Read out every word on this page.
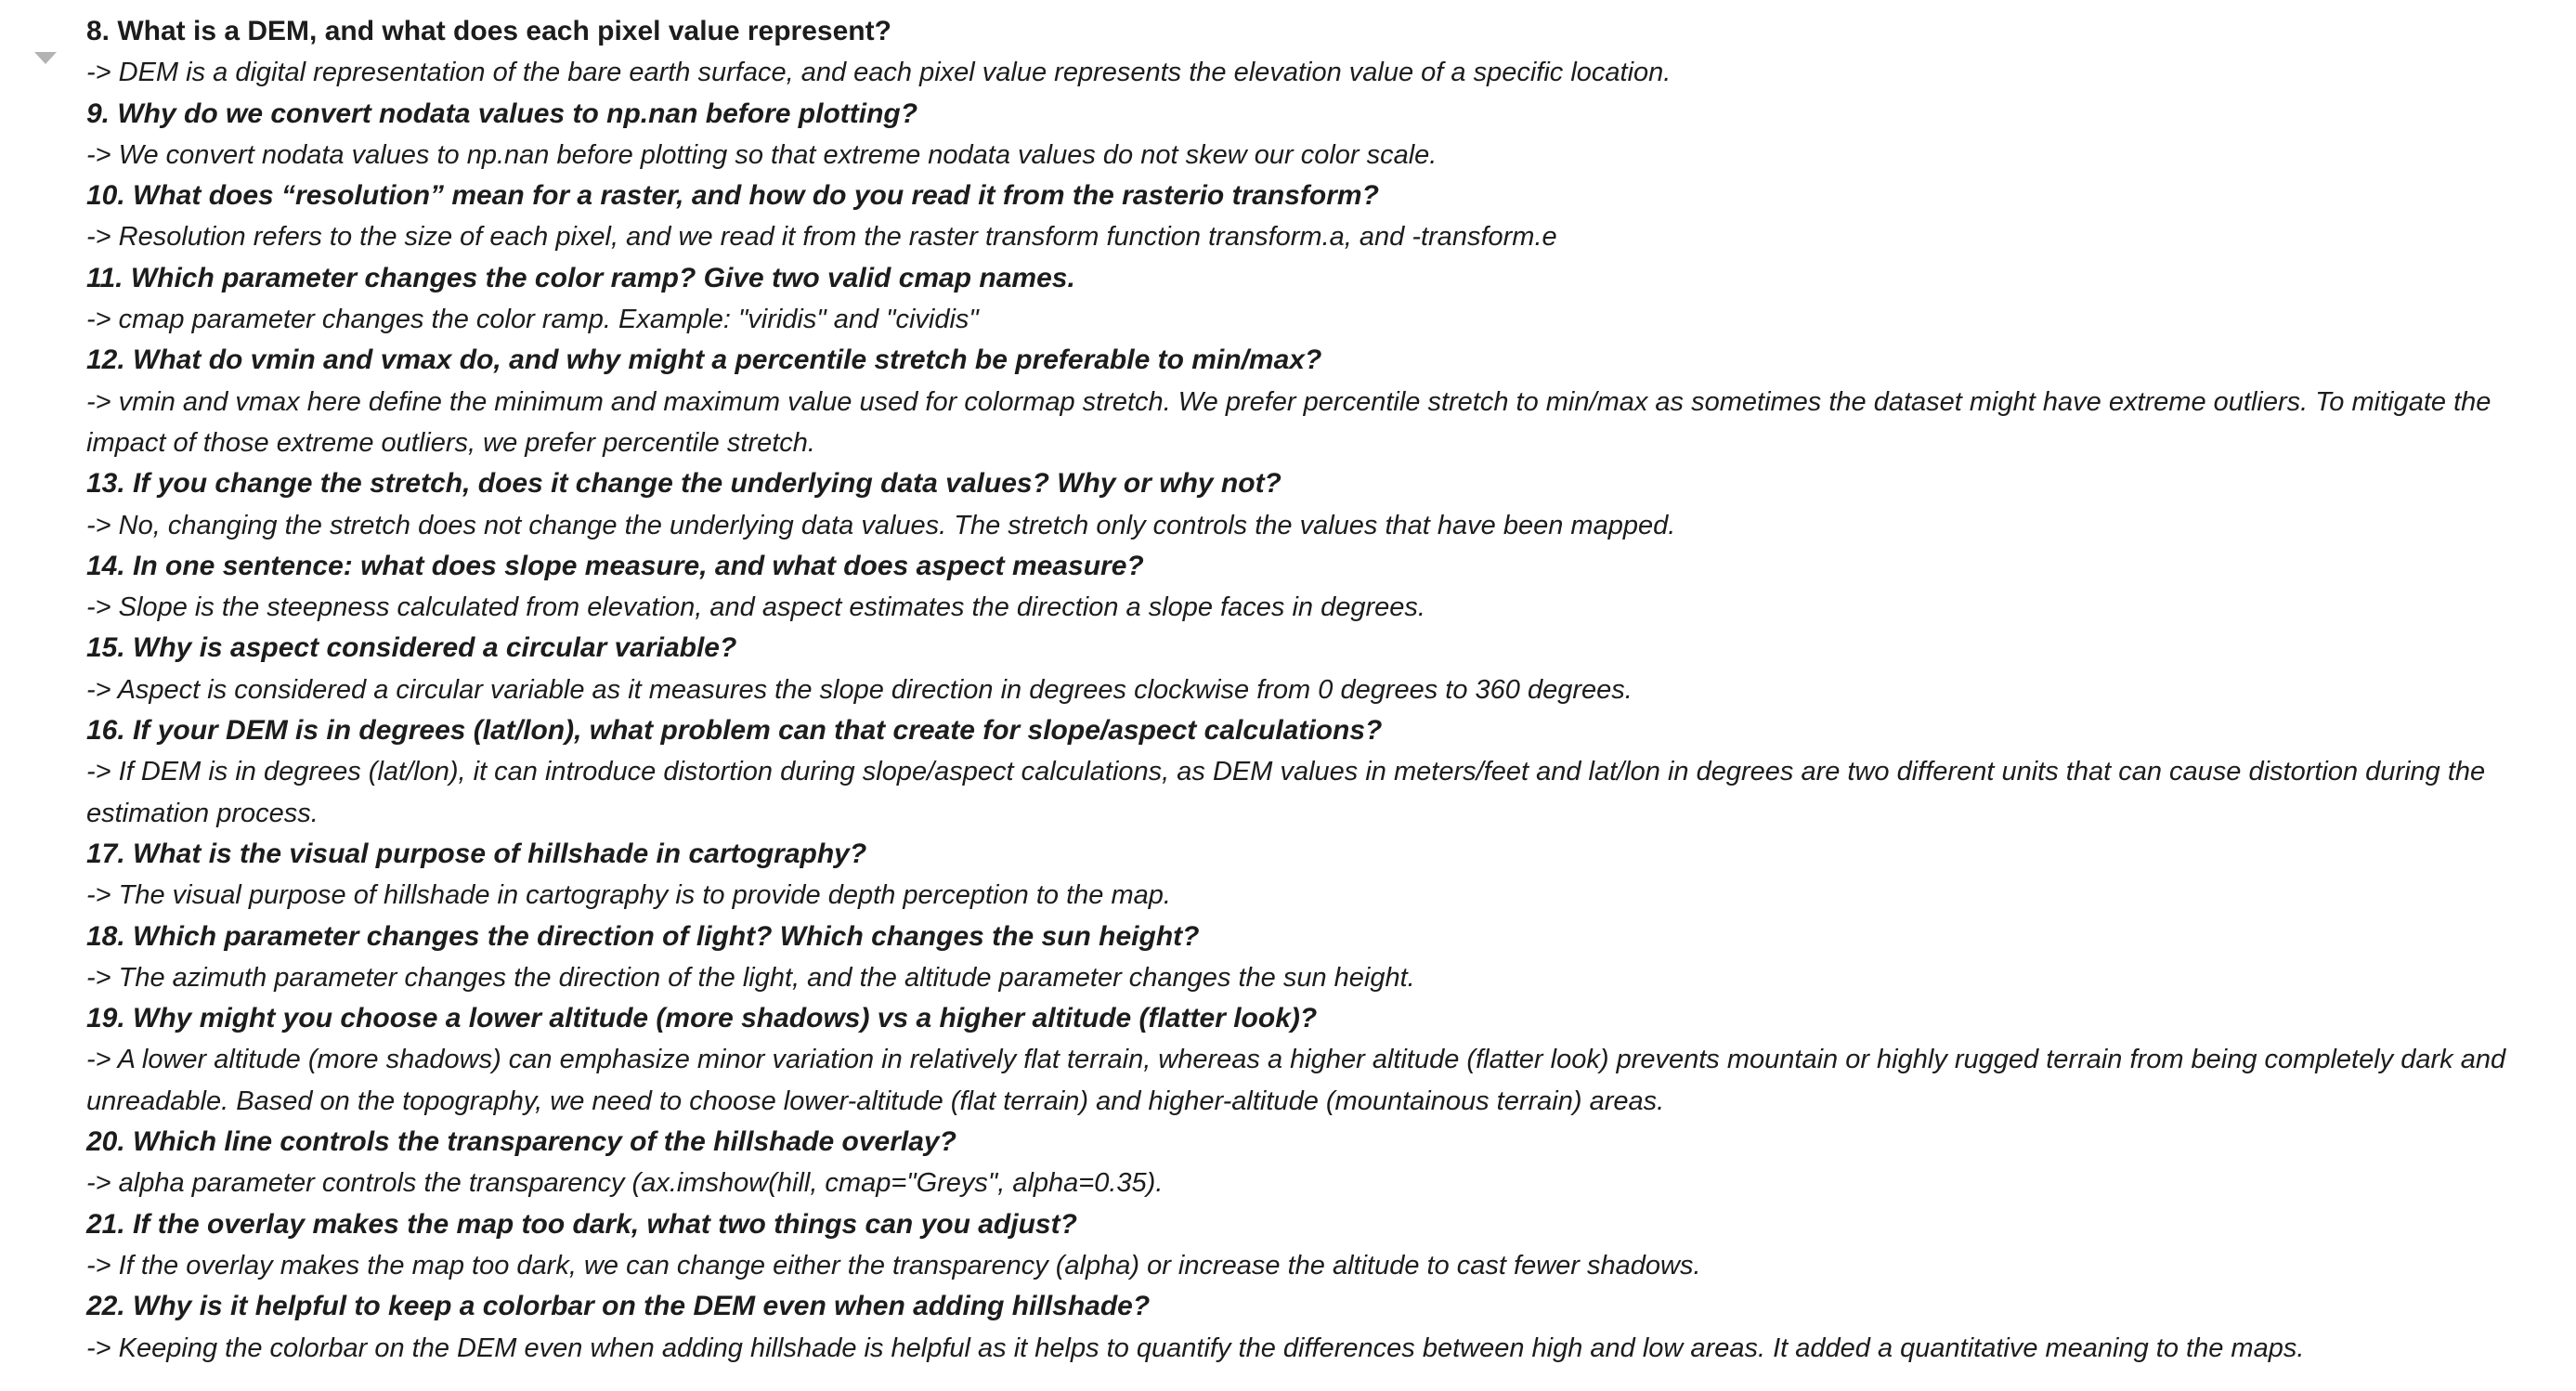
8. What is a DEM, and what does each pixel value represent?

-> DEM is a digital representation of the bare earth surface, and each pixel value represents the elevation value of a specific location.

9. Why do we convert nodata values to np.nan before plotting?

-> We convert nodata values to np.nan before plotting so that extreme nodata values do not skew our color scale.

10. What does “resolution” mean for a raster, and how do you read it from the rasterio transform?

-> Resolution refers to the size of each pixel, and we read it from the raster transform function transform.a, and -transform.e

11. Which parameter changes the color ramp? Give two valid cmap names.

-> cmap parameter changes the color ramp. Example: "viridis" and "cividis"

12. What do vmin and vmax do, and why might a percentile stretch be preferable to min/max?

-> vmin and vmax here define the minimum and maximum value used for colormap stretch. We prefer percentile stretch to min/max as sometimes the dataset might have extreme outliers. To mitigate the impact of those extreme outliers, we prefer percentile stretch.

13. If you change the stretch, does it change the underlying data values? Why or why not?

-> No, changing the stretch does not change the underlying data values. The stretch only controls the values that have been mapped.

14. In one sentence: what does slope measure, and what does aspect measure?

-> Slope is the steepness calculated from elevation, and aspect estimates the direction a slope faces in degrees.

15. Why is aspect considered a circular variable?

-> Aspect is considered a circular variable as it measures the slope direction in degrees clockwise from 0 degrees to 360 degrees.

16. If your DEM is in degrees (lat/lon), what problem can that create for slope/aspect calculations?

-> If DEM is in degrees (lat/lon), it can introduce distortion during slope/aspect calculations, as DEM values in meters/feet and lat/lon in degrees are two different units that can cause distortion during the estimation process.

17. What is the visual purpose of hillshade in cartography?

-> The visual purpose of hillshade in cartography is to provide depth perception to the map.

18. Which parameter changes the direction of light? Which changes the sun height?

-> The azimuth parameter changes the direction of the light, and the altitude parameter changes the sun height.

19. Why might you choose a lower altitude (more shadows) vs a higher altitude (flatter look)?

-> A lower altitude (more shadows) can emphasize minor variation in relatively flat terrain, whereas a higher altitude (flatter look) prevents mountain or highly rugged terrain from being completely dark and unreadable. Based on the topography, we need to choose lower-altitude (flat terrain) and higher-altitude (mountainous terrain) areas.

20. Which line controls the transparency of the hillshade overlay?

-> alpha parameter controls the transparency (ax.imshow(hill, cmap="Greys", alpha=0.35).

21. If the overlay makes the map too dark, what two things can you adjust?

-> If the overlay makes the map too dark, we can change either the transparency (alpha) or increase the altitude to cast fewer shadows.

22. Why is it helpful to keep a colorbar on the DEM even when adding hillshade?

-> Keeping the colorbar on the DEM even when adding hillshade is helpful as it helps to quantify the differences between high and low areas. It added a quantitative meaning to the maps.
